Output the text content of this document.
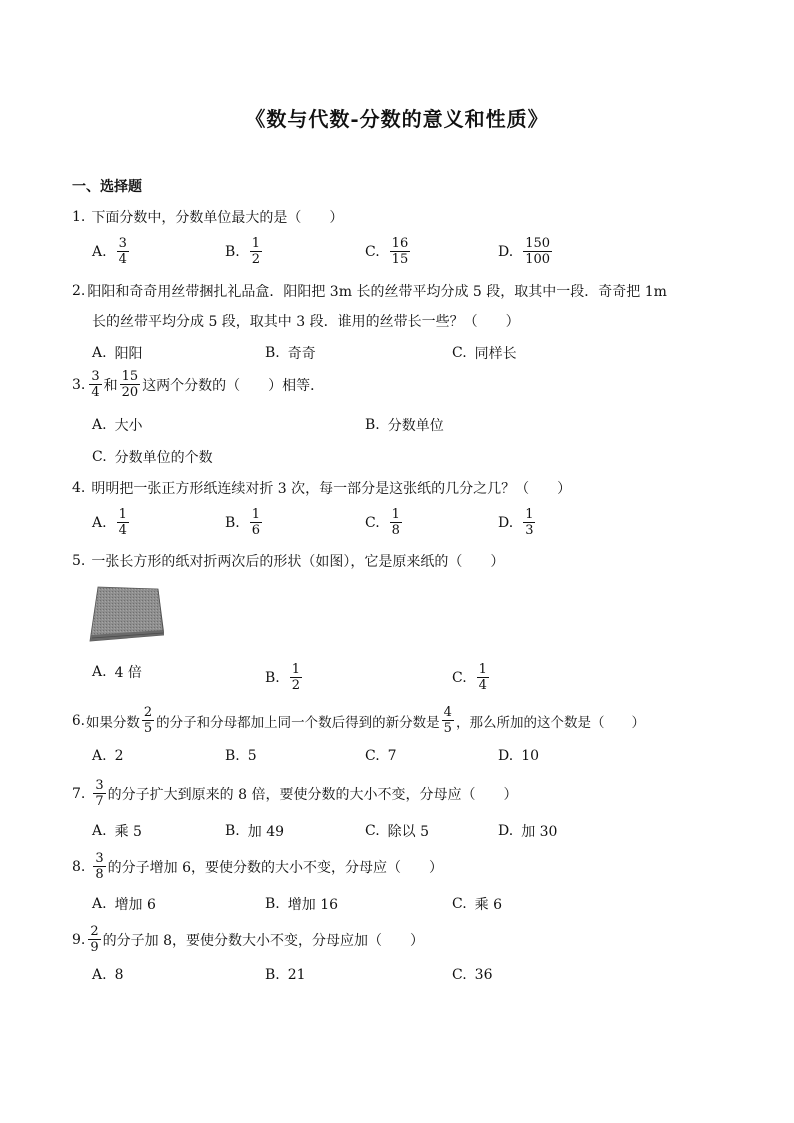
《数与代数-分数的意义和性质》
一、选择题
1. 下面分数中，分数单位最大的是（　　）
A. $\frac{3}{4}$	B. $\frac{1}{2}$	C. $\frac{16}{15}$	D. $\frac{150}{100}$
2. 阳阳和奇奇用丝带捆扎礼品盒．阳阳把 3m 长的丝带平均分成 5 段，取其中一段．奇奇把 1m
长的丝带平均分成 5 段，取其中 3 段．谁用的丝带长一些？（　　）
A. 阳阳	B. 奇奇	C. 同样长
3. $\frac{3}{4}$ 和 $\frac{15}{20}$ 这两个分数的（　　）相等．
A. 大小	B. 分数单位
C. 分数单位的个数
4. 明明把一张正方形纸连续对折 3 次，每一部分是这张纸的几分之几？（　　）
A. $\frac{1}{4}$	B. $\frac{1}{6}$	C. $\frac{1}{8}$	D. $\frac{1}{3}$
5. 一张长方形的纸对折两次后的形状（如图），它是原来纸的（　　）
A. 4 倍	B. $\frac{1}{2}$	C. $\frac{1}{4}$
6. 如果分数 $\frac{2}{5}$ 的分子和分母都加上同一个数后得到的新分数是 $\frac{4}{5}$ ，那么所加的这个数是（　　）
A. 2	B. 5	C. 7	D. 10
7. $\frac{3}{7}$ 的分子扩大到原来的 8 倍，要使分数的大小不变，分母应（　　）
A. 乘 5	B. 加 49	C. 除以 5	D. 加 30
8. $\frac{3}{8}$ 的分子增加 6，要使分数的大小不变，分母应（　　）
A. 增加 6	B. 增加 16	C. 乘 6
9. $\frac{2}{9}$ 的分子加 8，要使分数大小不变，分母应加（　　）
A. 8	B. 21	C. 36
